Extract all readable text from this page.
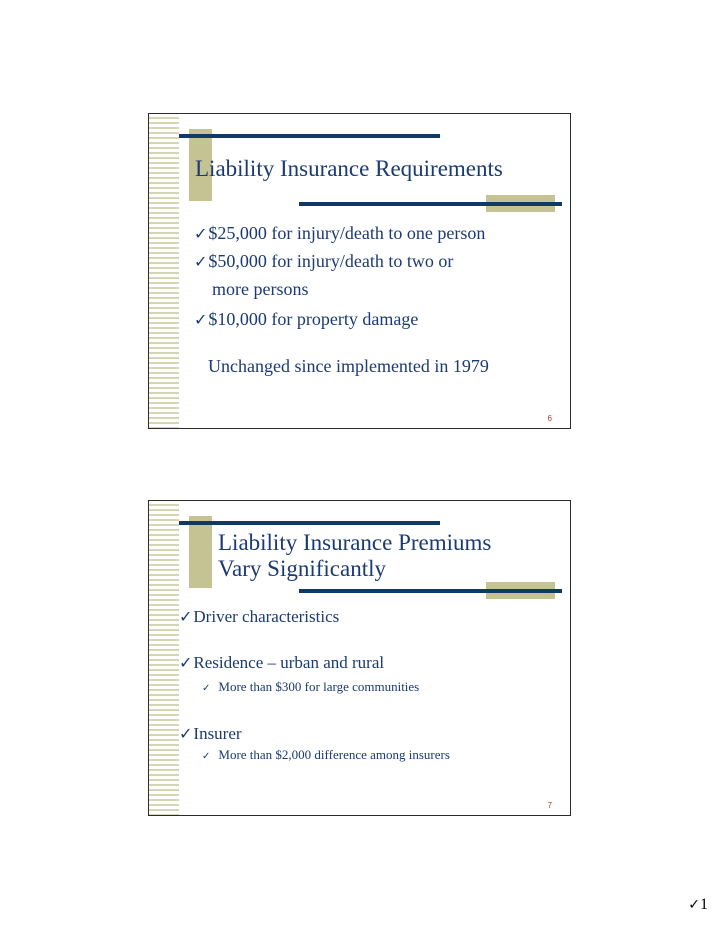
Liability Insurance Requirements
✓$25,000 for injury/death to one person
✓$50,000 for injury/death to two or
more persons
✓$10,000 for property damage
Unchanged since implemented in 1979
6
Liability Insurance Premiums
Vary Significantly
✓Driver characteristics
✓Residence – urban and rural
✓ More than $300 for large communities
✓Insurer
✓ More than $2,000 difference among insurers
7
✓1
